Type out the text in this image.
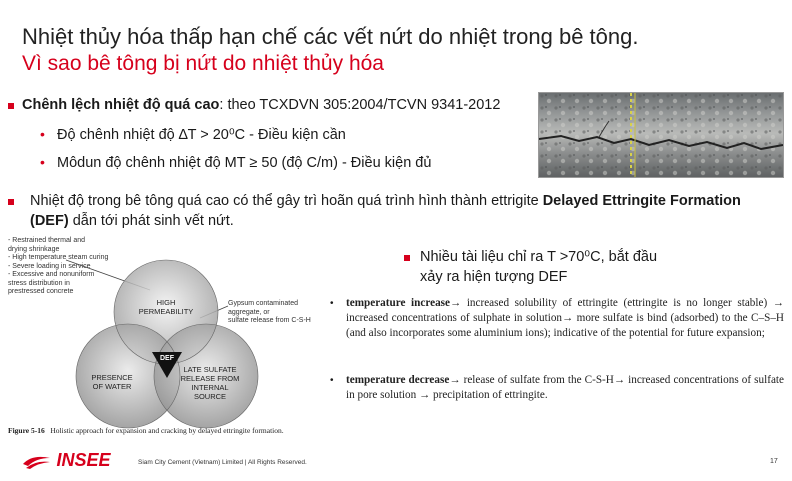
Nhiệt thủy hóa thấp hạn chế các vết nứt do nhiệt trong bê tông.
Vì sao bê tông bị nứt do nhiệt thủy hóa
Chênh lệch nhiệt độ quá cao: theo TCXDVN 305:2004/TCVN 9341-2012
• Độ chênh nhiệt độ ∆T > 20⁰C - Điều kiện cần
• Môdun độ chênh nhiệt độ MT ≥ 50 (độ C/m) - Điều kiện đủ
Nhiệt độ trong bê tông quá cao có thể gây trì hoãn quá trình hình thành ettrigite Delayed Ettringite Formation
(DEF) dẫn tới phát sinh vết nứt.
- Restrained thermal and
drying shrinkage
- High temperature steam curing
- Severe loading in service
- Excessive and nonuniform
stress distribution in
prestressed concrete
Gypsum contaminated
aggregate, or
sulfate release from C-S-H
DEF
HIGH
PERMEABILITY
PRESENCE
OF WATER
LATE SULFATE
RELEASE FROM
INTERNAL
SOURCE
Figure 5-16 Holistic approach for expansion and cracking by delayed ettringite formation.
Nhiều tài liệu chỉ ra T >70⁰C, bắt đầu
xảy ra hiện tượng DEF
• temperature increase→ increased solubility of ettringite (ettringite is no longer stable) → increased concentrations of sulphate in solution→ more sulfate is bind (adsorbed) to the C–S–H (and also incorporates some aluminium ions); indicative of the potential for future expansion;
• temperature decrease→ release of sulfate from the C-S-H→ increased concentrations of sulfate in pore solution → precipitation of ettringite.
INSEE	Siam City Cement (Vietnam) Limited | All Rights Reserved.	17
